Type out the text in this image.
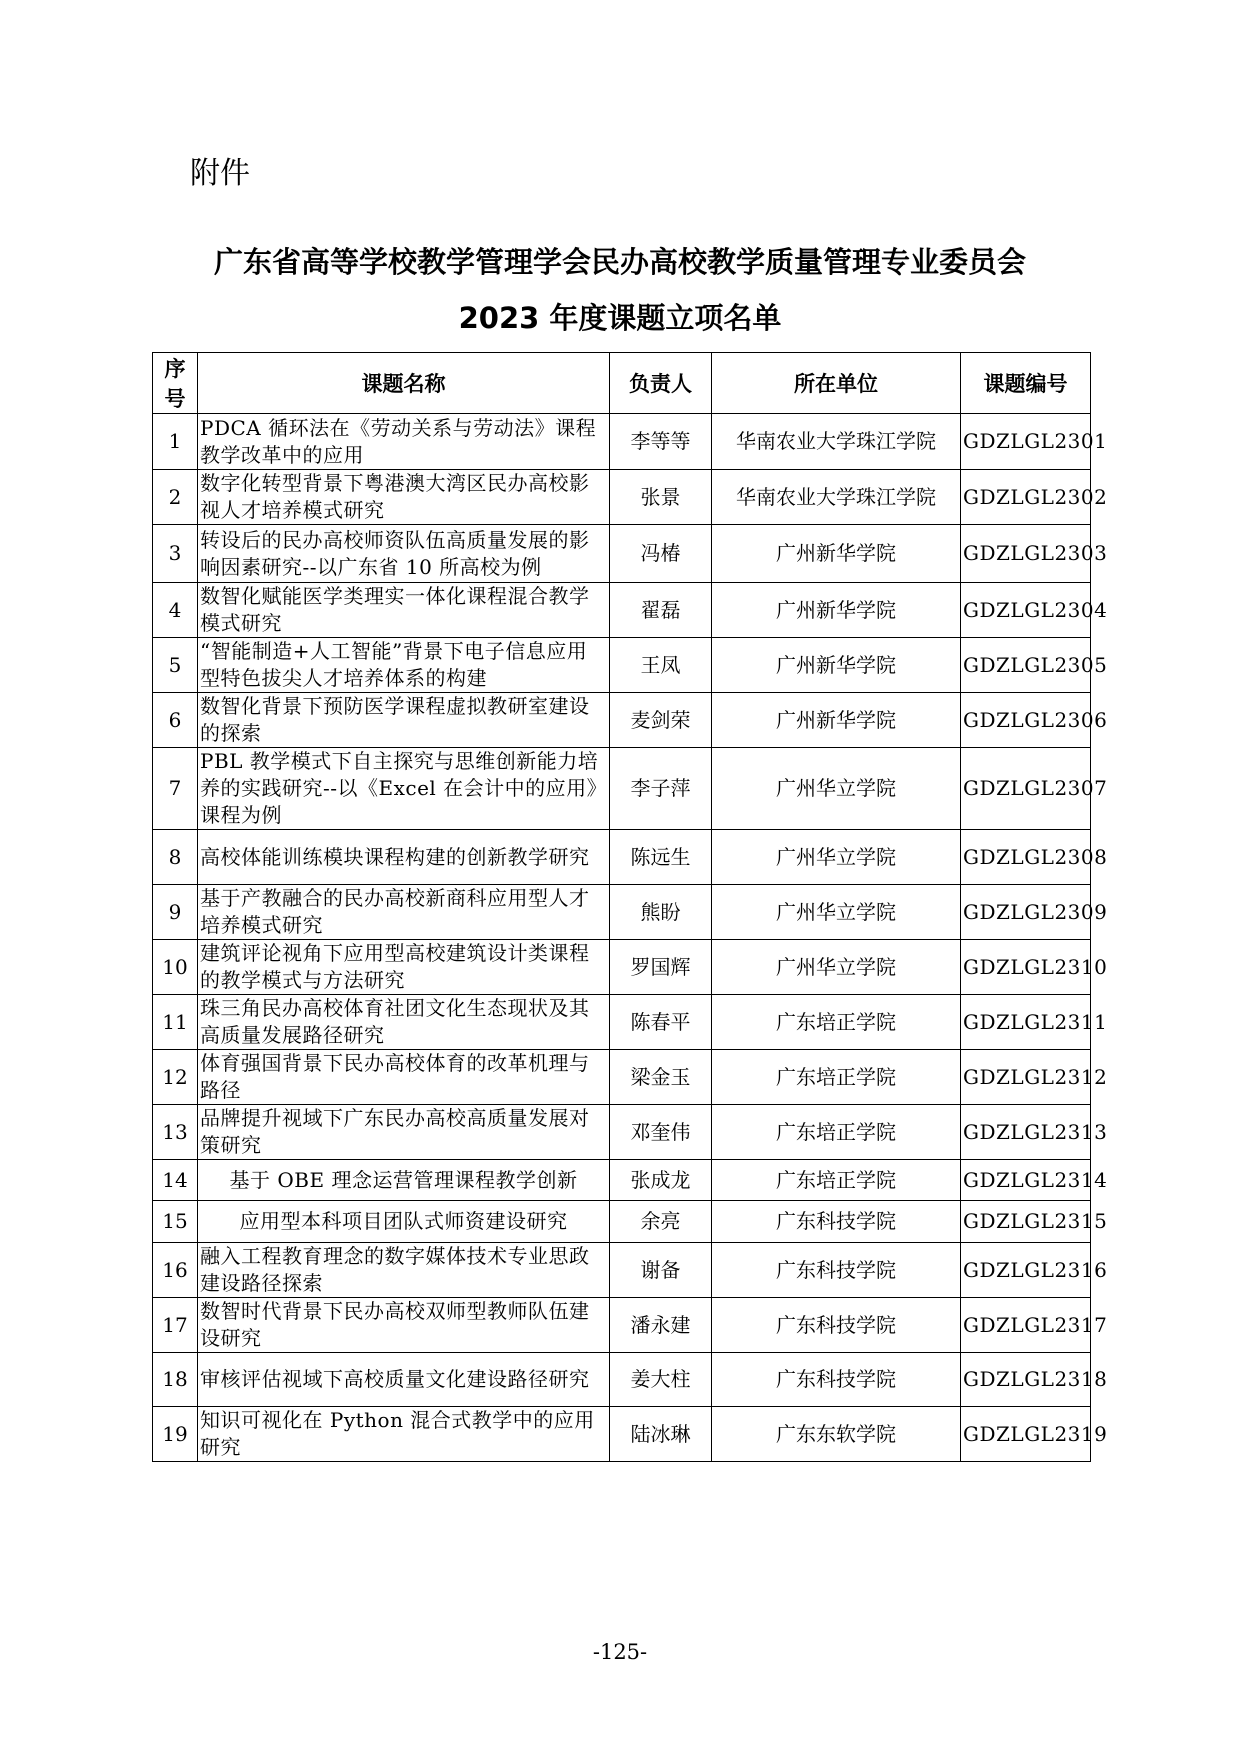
附件
广东省高等学校教学管理学会民办高校教学质量管理专业委员会
2023 年度课题立项名单
序号	课题名称	负责人	所在单位	课题编号
1	PDCA 循环法在《劳动关系与劳动法》课程教学改革中的应用	李等等	华南农业大学珠江学院	GDZLGL2301
2	数字化转型背景下粤港澳大湾区民办高校影视人才培养模式研究	张景	华南农业大学珠江学院	GDZLGL2302
3	转设后的民办高校师资队伍高质量发展的影响因素研究--以广东省 10 所高校为例	冯椿	广州新华学院	GDZLGL2303
4	数智化赋能医学类理实一体化课程混合教学模式研究	翟磊	广州新华学院	GDZLGL2304
5	“智能制造+人工智能”背景下电子信息应用型特色拔尖人才培养体系的构建	王凤	广州新华学院	GDZLGL2305
6	数智化背景下预防医学课程虚拟教研室建设的探索	麦剑荣	广州新华学院	GDZLGL2306
7	PBL 教学模式下自主探究与思维创新能力培养的实践研究--以《Excel 在会计中的应用》课程为例	李子萍	广州华立学院	GDZLGL2307
8	高校体能训练模块课程构建的创新教学研究	陈远生	广州华立学院	GDZLGL2308
9	基于产教融合的民办高校新商科应用型人才培养模式研究	熊盼	广州华立学院	GDZLGL2309
10	建筑评论视角下应用型高校建筑设计类课程的教学模式与方法研究	罗国辉	广州华立学院	GDZLGL2310
11	珠三角民办高校体育社团文化生态现状及其高质量发展路径研究	陈春平	广东培正学院	GDZLGL2311
12	体育强国背景下民办高校体育的改革机理与路径	梁金玉	广东培正学院	GDZLGL2312
13	品牌提升视域下广东民办高校高质量发展对策研究	邓奎伟	广东培正学院	GDZLGL2313
14	基于 OBE 理念运营管理课程教学创新	张成龙	广东培正学院	GDZLGL2314
15	应用型本科项目团队式师资建设研究	余亮	广东科技学院	GDZLGL2315
16	融入工程教育理念的数字媒体技术专业思政建设路径探索	谢备	广东科技学院	GDZLGL2316
17	数智时代背景下民办高校双师型教师队伍建设研究	潘永建	广东科技学院	GDZLGL2317
18	审核评估视域下高校质量文化建设路径研究	姜大柱	广东科技学院	GDZLGL2318
19	知识可视化在 Python 混合式教学中的应用研究	陆冰琳	广东东软学院	GDZLGL2319
-125-
